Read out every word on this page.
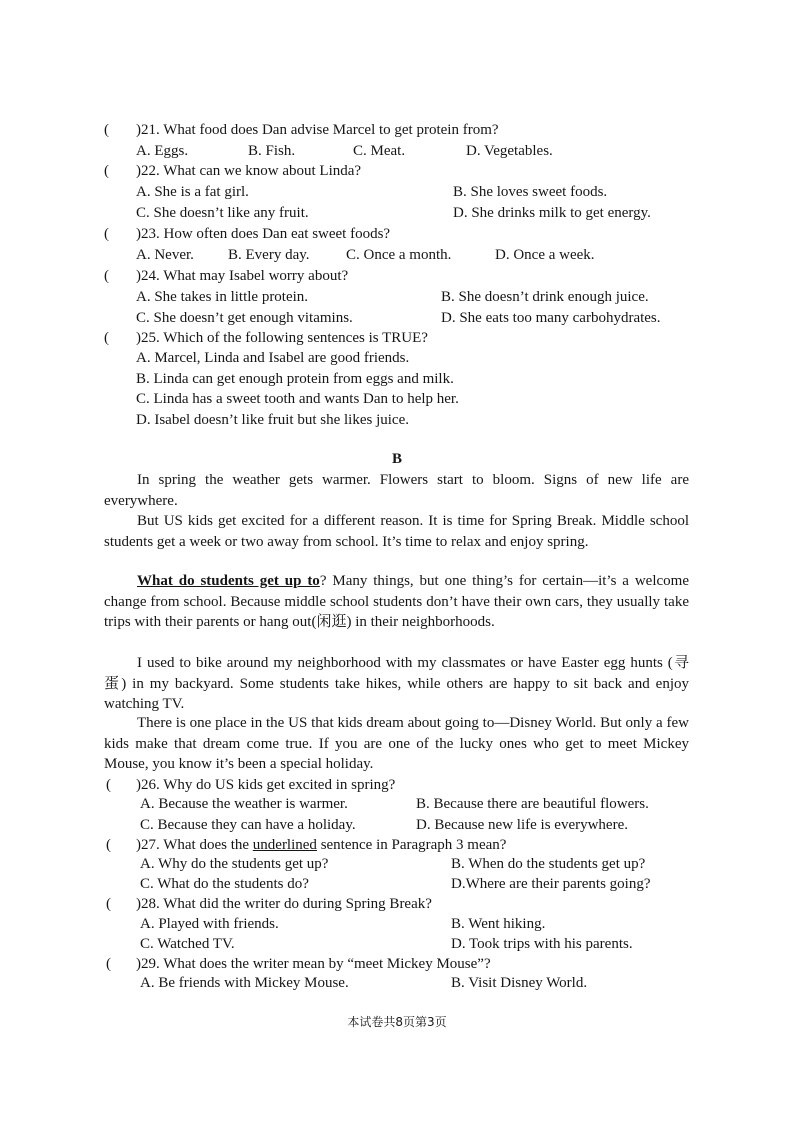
( )21. What food does Dan advise Marcel to get protein from?
A. Eggs.	B. Fish.	C. Meat.	D. Vegetables.
( )22. What can we know about Linda?
A. She is a fat girl.	B. She loves sweet foods.
C. She doesn’t like any fruit.	D. She drinks milk to get energy.
( )23. How often does Dan eat sweet foods?
A. Never. B. Every day. C. Once a month.	D. Once a week.
( )24. What may Isabel worry about?
A. She takes in little protein.	B. She doesn’t drink enough juice.
C. She doesn’t get enough vitamins.	D. She eats too many carbohydrates.
( )25. Which of the following sentences is TRUE?
A. Marcel, Linda and Isabel are good friends.
B. Linda can get enough protein from eggs and milk.
C. Linda has a sweet tooth and wants Dan to help her.
D. Isabel doesn’t like fruit but she likes juice.
B
In spring the weather gets warmer. Flowers start to bloom. Signs of new life are everywhere.
But US kids get excited for a different reason. It is time for Spring Break. Middle school students get a week or two away from school. It’s time to relax and enjoy spring.
What do students get up to? Many things, but one thing’s for certain—it’s a welcome change from school. Because middle school students don’t have their own cars, they usually take trips with their parents or hang out(闲逛) in their neighborhoods.
I used to bike around my neighborhood with my classmates or have Easter egg hunts (寻蛋) in my backyard. Some students take hikes, while others are happy to sit back and enjoy watching TV.
There is one place in the US that kids dream about going to—Disney World. But only a few kids make that dream come true. If you are one of the lucky ones who get to meet Mickey Mouse, you know it’s been a special holiday.
( )26. Why do US kids get excited in spring?
A. Because the weather is warmer.	B. Because there are beautiful flowers.
C. Because they can have a holiday.	D. Because new life is everywhere.
( )27. What does the underlined sentence in Paragraph 3 mean?
A. Why do the students get up?	B. When do the students get up?
C. What do the students do?	D.Where are their parents going?
( )28. What did the writer do during Spring Break?
A. Played with friends.	B. Went hiking.
C. Watched TV.	D. Took trips with his parents.
( )29. What does the writer mean by “meet Mickey Mouse”?
A. Be friends with Mickey Mouse.	B. Visit Disney World.
本试卷共8页第3页
